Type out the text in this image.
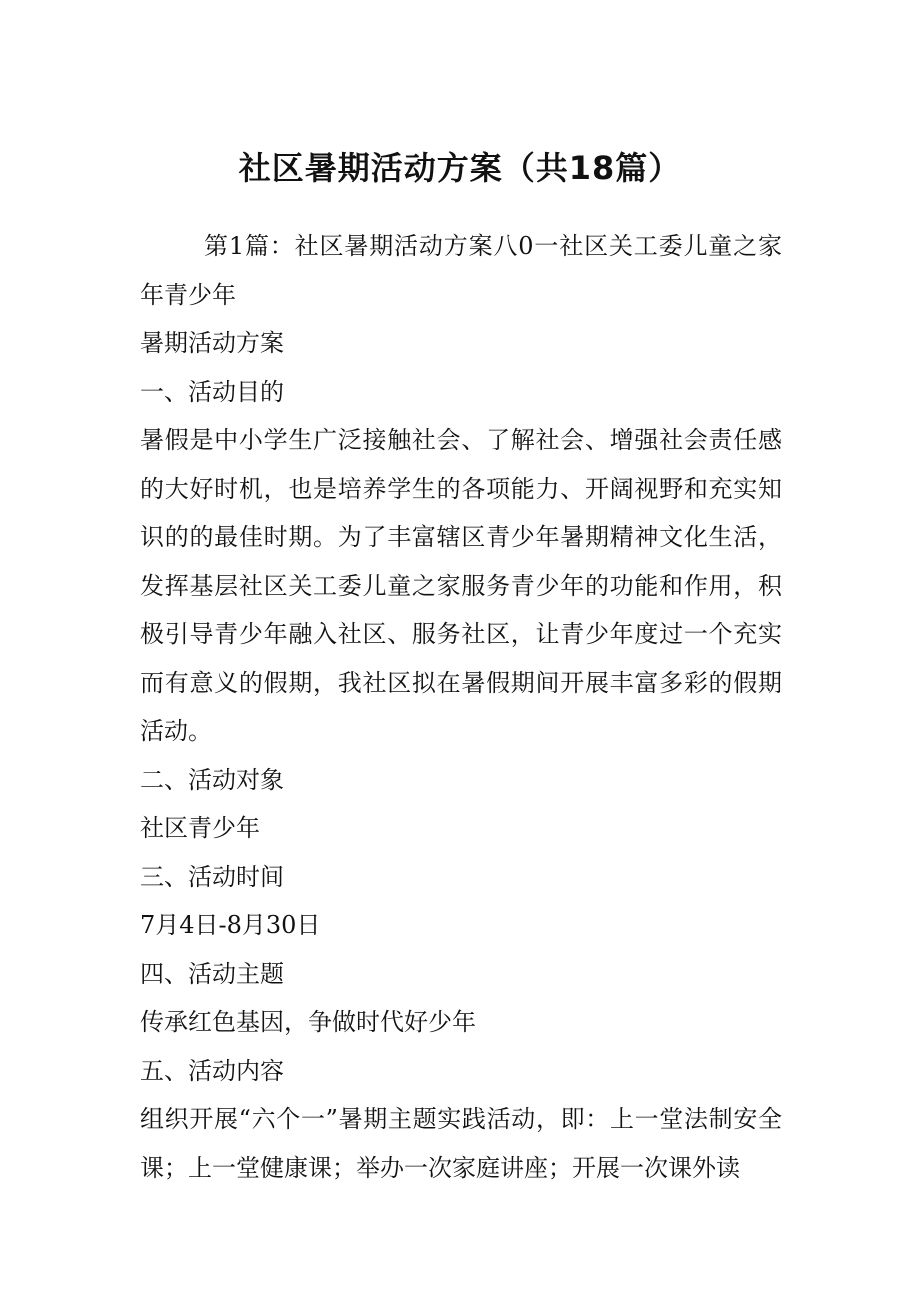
社区暑期活动方案（共18篇）

第1篇：社区暑期活动方案八0一社区关工委儿童之家年青少年

暑期活动方案

一、活动目的

暑假是中小学生广泛接触社会、了解社会、增强社会责任感的大好时机，也是培养学生的各项能力、开阔视野和充实知识的的最佳时期。为了丰富辖区青少年暑期精神文化生活，发挥基层社区关工委儿童之家服务青少年的功能和作用，积极引导青少年融入社区、服务社区，让青少年度过一个充实而有意义的假期，我社区拟在暑假期间开展丰富多彩的假期活动。

二、活动对象

社区青少年

三、活动时间

7月4日-8月30日

四、活动主题

传承红色基因，争做时代好少年

五、活动内容

组织开展“六个一”暑期主题实践活动，即：上一堂法制安全课；上一堂健康课；举办一次家庭讲座；开展一次课外读
